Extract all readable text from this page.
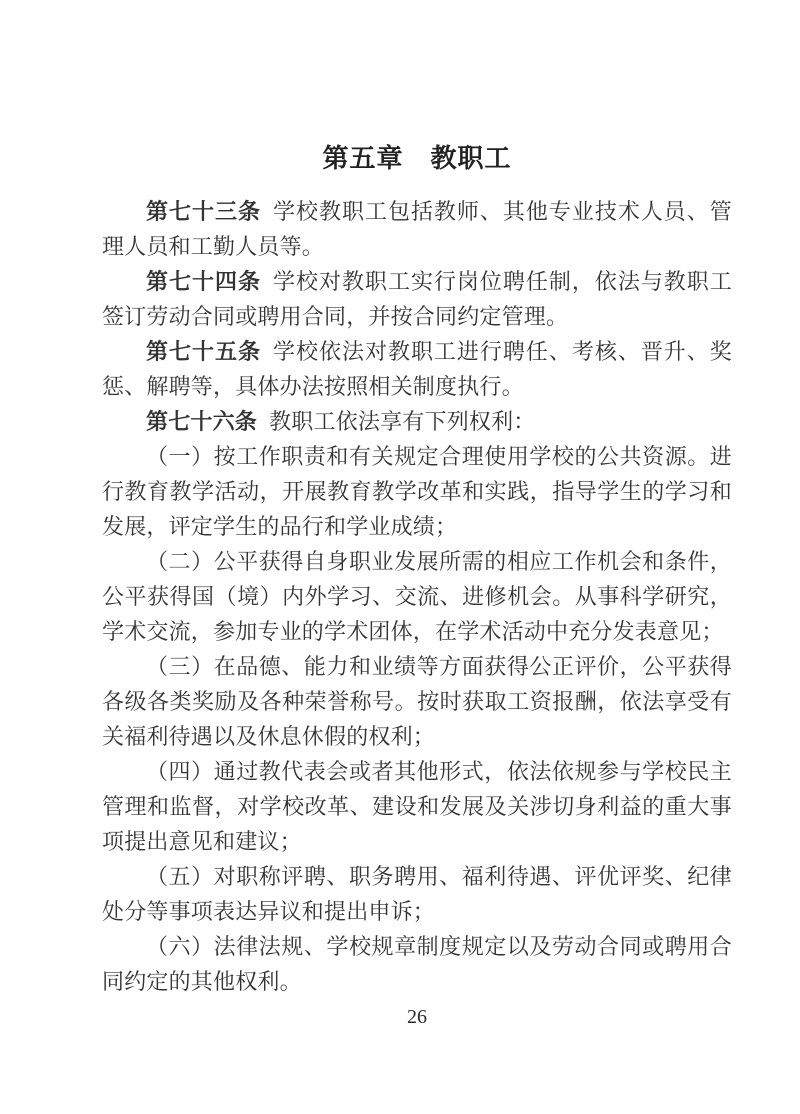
第五章　教职工

第七十三条 学校教职工包括教师、其他专业技术人员、管理人员和工勤人员等。

第七十四条 学校对教职工实行岗位聘任制，依法与教职工签订劳动合同或聘用合同，并按合同约定管理。

第七十五条 学校依法对教职工进行聘任、考核、晋升、奖惩、解聘等，具体办法按照相关制度执行。

第七十六条 教职工依法享有下列权利：

（一）按工作职责和有关规定合理使用学校的公共资源。进行教育教学活动，开展教育教学改革和实践，指导学生的学习和发展，评定学生的品行和学业成绩；

（二）公平获得自身职业发展所需的相应工作机会和条件，公平获得国（境）内外学习、交流、进修机会。从事科学研究，学术交流，参加专业的学术团体，在学术活动中充分发表意见；

（三）在品德、能力和业绩等方面获得公正评价，公平获得各级各类奖励及各种荣誉称号。按时获取工资报酬，依法享受有关福利待遇以及休息休假的权利；

（四）通过教代表会或者其他形式，依法依规参与学校民主管理和监督，对学校改革、建设和发展及关涉切身利益的重大事项提出意见和建议；

（五）对职称评聘、职务聘用、福利待遇、评优评奖、纪律处分等事项表达异议和提出申诉；

（六）法律法规、学校规章制度规定以及劳动合同或聘用合同约定的其他权利。

26
